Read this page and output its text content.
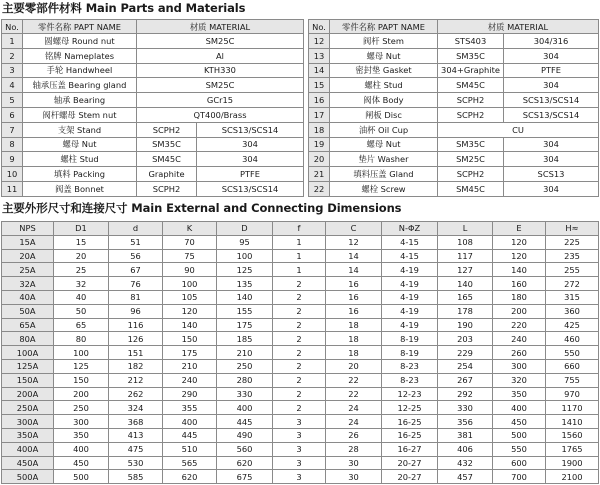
主要零部件材料 Main Parts and Materials
No.	零件名称 PAPT NAME	材质 MATERIAL	
1	圆螺母 Round nut	SM25C	
2	铭牌 Nameplates	Al	
3	手轮 Handwheel	KTH330	
4	轴承压盖 Bearing gland	SM25C	
5	轴承 Bearing	GCr15	
6	阀杆螺母 Stem nut	QT400/Brass	
7	支架 Stand	SCPH2	SCS13/SCS14
8	螺母 Nut	SM35C	304
9	螺柱 Stud	SM45C	304
10	填料 Packing	Graphite	PTFE
11	阀盖 Bonnet	SCPH2	SCS13/SCS14
No.	零件名称 PAPT NAME	材质 MATERIAL	
12	阀杆 Stem	STS403	304/316
13	螺母 Nut	SM35C	304
14	密封垫 Gasket	304+Graphite	PTFE
15	螺柱 Stud	SM45C	304
16	阀体 Body	SCPH2	SCS13/SCS14
17	闸板 Disc	SCPH2	SCS13/SCS14
18	油杯 Oil Cup	CU	
19	螺母 Nut	SM35C	304
20	垫片 Washer	SM25C	304
21	填料压盖 Gland	SCPH2	SCS13
22	螺栓 Screw	SM45C	304
主要外形尺寸和连接尺寸 Main External and Connecting Dimensions
NPS	D1	d	K	D	f	C	N-ΦZ	L	E	H≈
15A	15	51	70	95	1	12	4-15	108	120	225
20A	20	56	75	100	1	14	4-15	117	120	235
25A	25	67	90	125	1	14	4-19	127	140	255
32A	32	76	100	135	2	16	4-19	140	160	272
40A	40	81	105	140	2	16	4-19	165	180	315
50A	50	96	120	155	2	16	4-19	178	200	360
65A	65	116	140	175	2	18	4-19	190	220	425
80A	80	126	150	185	2	18	8-19	203	240	460
100A	100	151	175	210	2	18	8-19	229	260	550
125A	125	182	210	250	2	20	8-23	254	300	660
150A	150	212	240	280	2	22	8-23	267	320	755
200A	200	262	290	330	2	22	12-23	292	350	970
250A	250	324	355	400	2	24	12-25	330	400	1170
300A	300	368	400	445	3	24	16-25	356	450	1410
350A	350	413	445	490	3	26	16-25	381	500	1560
400A	400	475	510	560	3	28	16-27	406	550	1765
450A	450	530	565	620	3	30	20-27	432	600	1900
500A	500	585	620	675	3	30	20-27	457	700	2100
